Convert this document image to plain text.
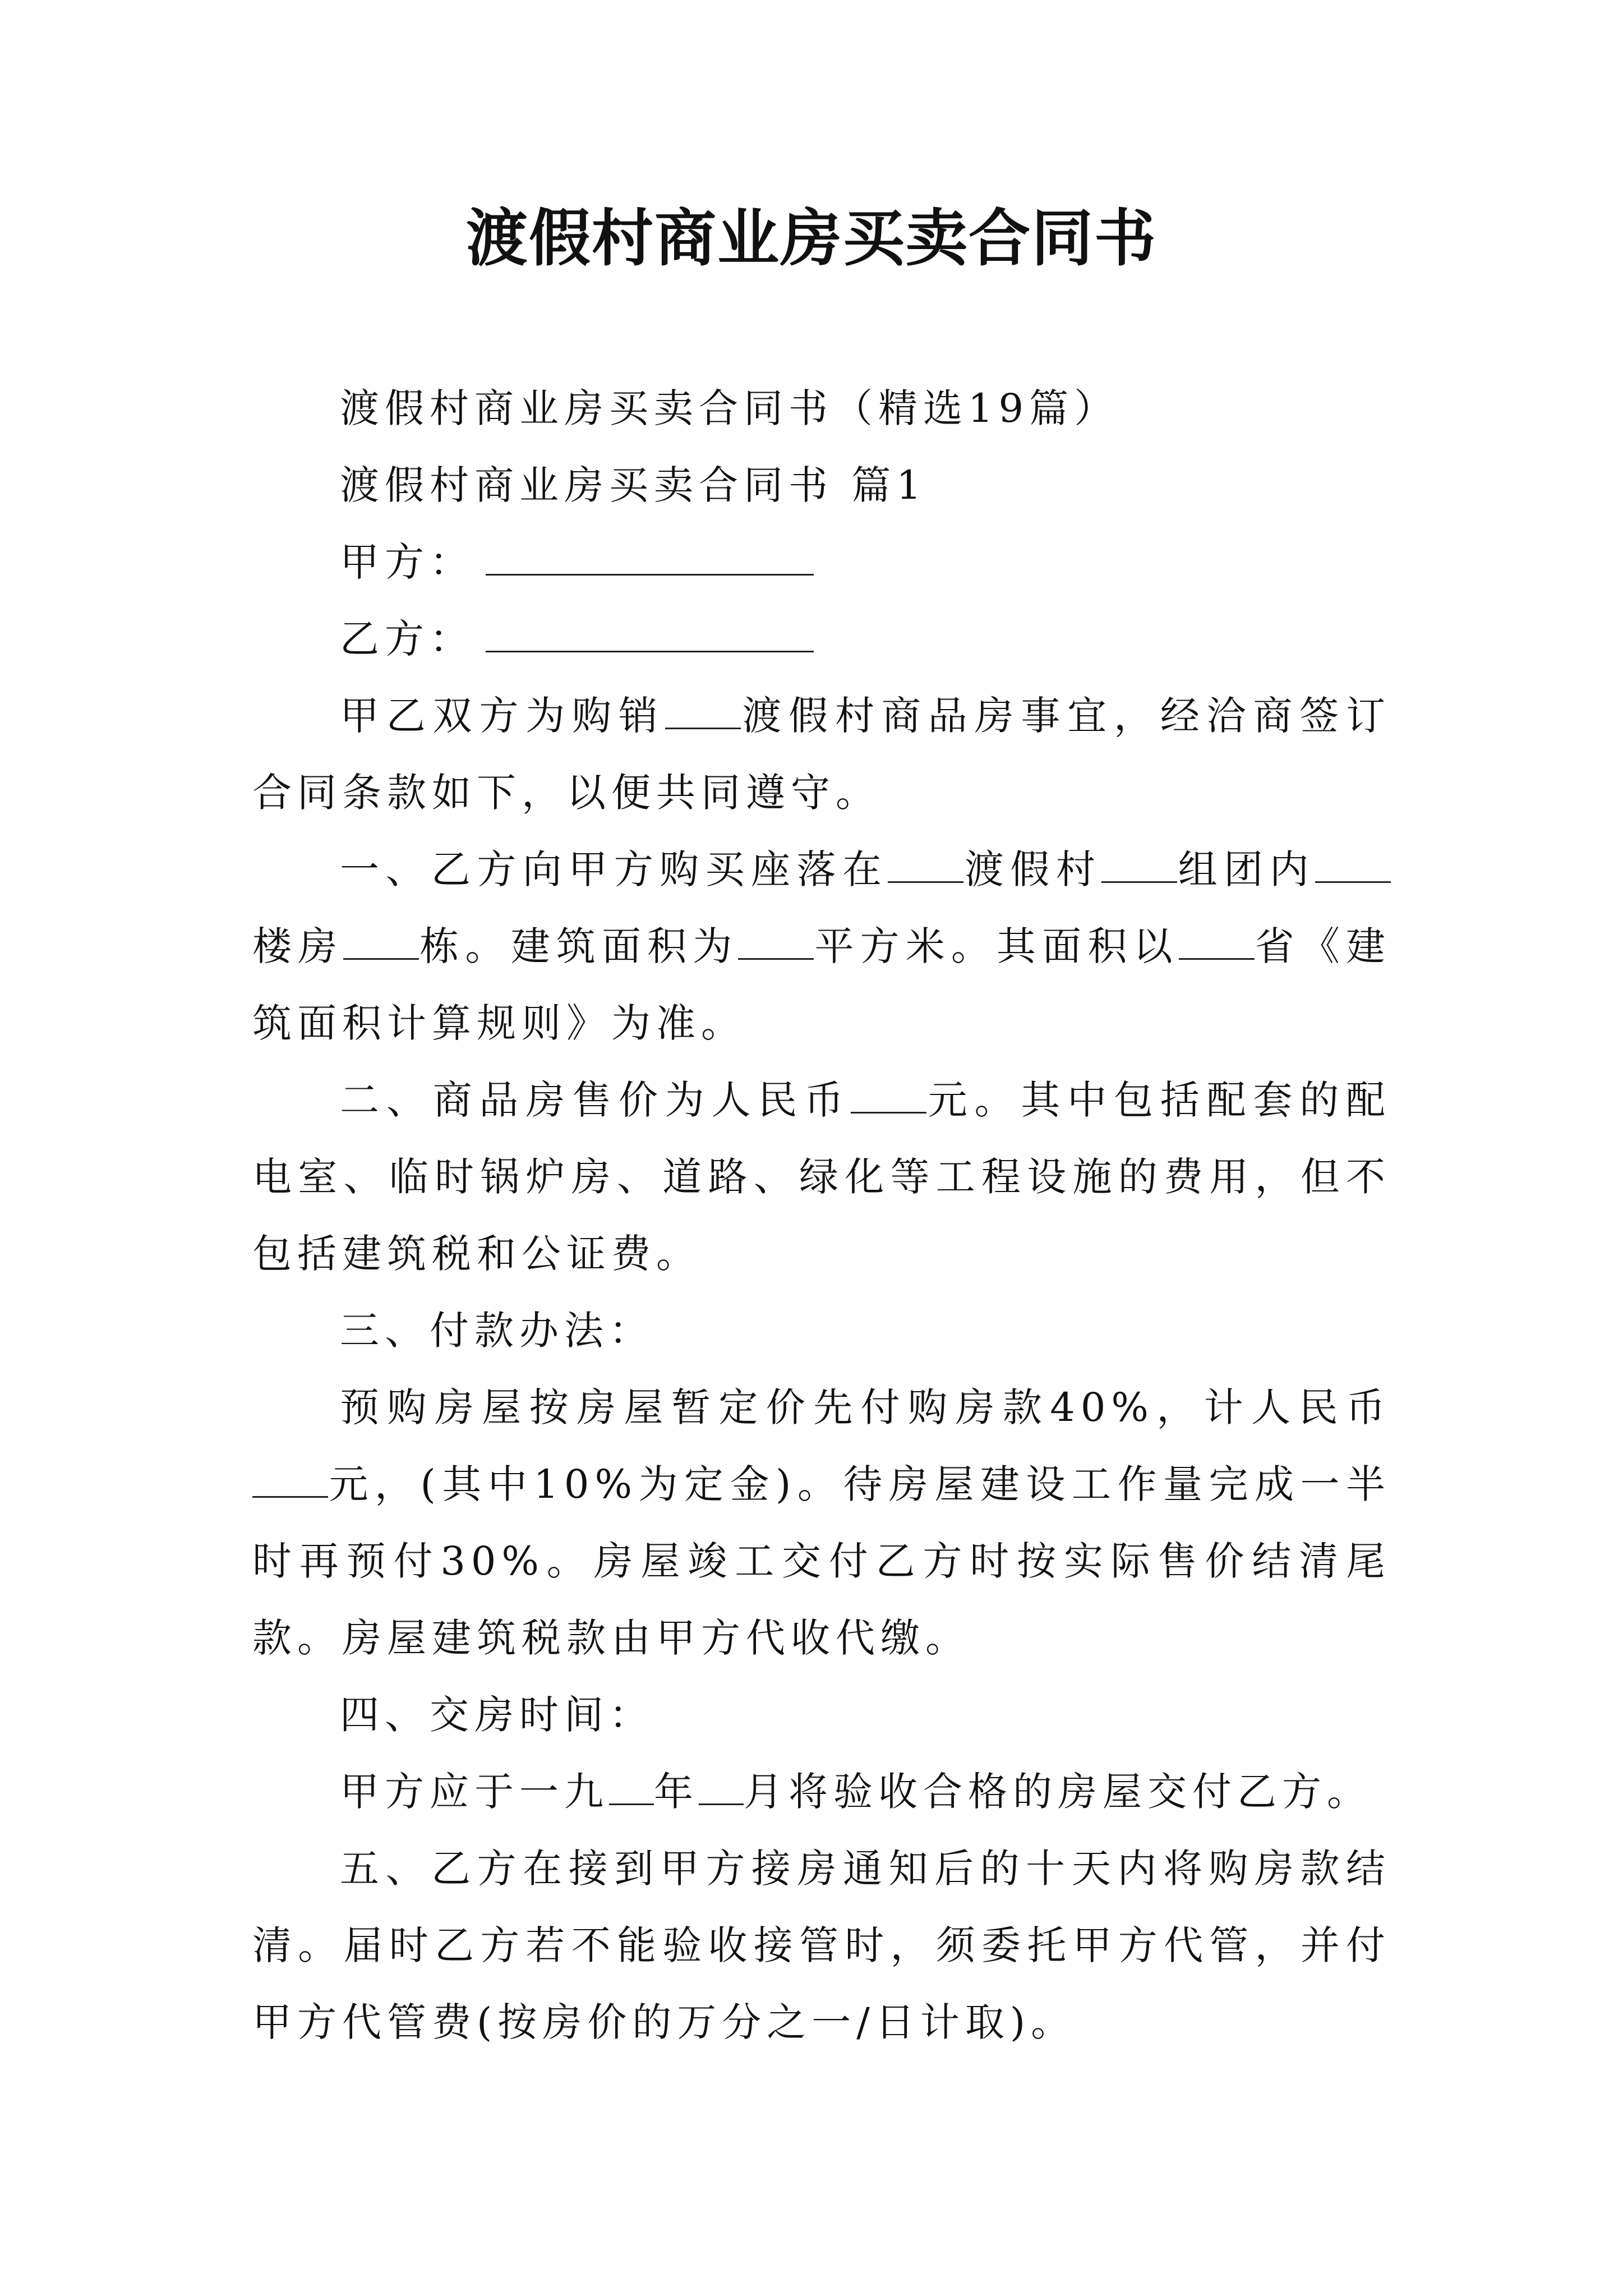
渡假村商业房买卖合同书

渡假村商业房买卖合同书（精选19篇）

渡假村商业房买卖合同书 篇1

甲方：

乙方：

甲乙双方为购销 渡假村商品房事宜，经洽商签订合同条款如下，以便共同遵守。

一、乙方向甲方购买座落在 渡假村 组团内楼房 栋。建筑面积为 平方米。其面积以 省《建筑面积计算规则》为准。

二、商品房售价为人民币 元。其中包括配套的配电室、临时锅炉房、道路、绿化等工程设施的费用，但不包括建筑税和公证费。

三、付款办法：

预购房屋按房屋暂定价先付购房款40%，计人民币元，(其中10%为定金)。待房屋建设工作量完成一半时再预付30%。房屋竣工交付乙方时按实际售价结清尾款。房屋建筑税款由甲方代收代缴。

四、交房时间：

甲方应于一九 年 月将验收合格的房屋交付乙方。

五、乙方在接到甲方接房通知后的十天内将购房款结清。届时乙方若不能验收接管时，须委托甲方代管，并付甲方代管费(按房价的万分之一/日计取)。
